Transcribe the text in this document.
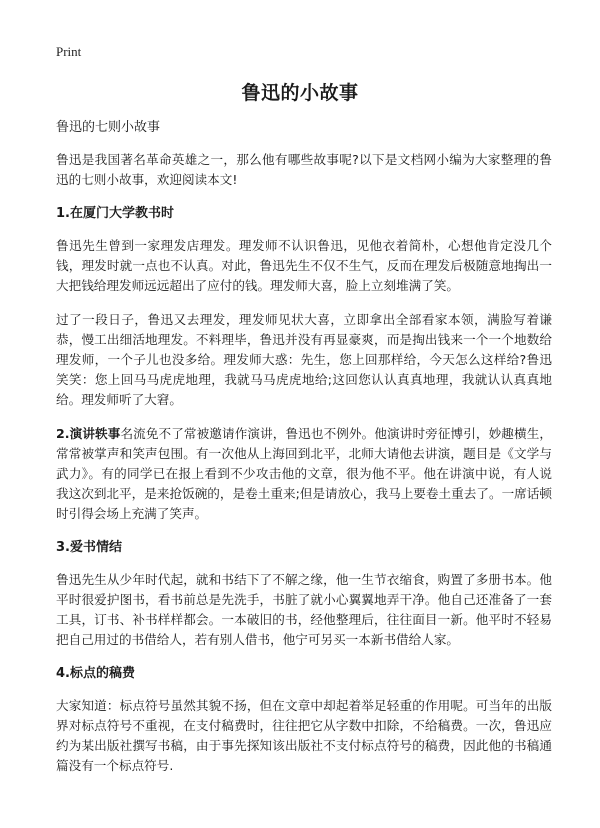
Print
鲁迅的小故事

鲁迅的七则小故事

鲁迅是我国著名革命英雄之一，那么他有哪些故事呢?以下是文档网小编为大家整理的鲁迅的七则小故事，欢迎阅读本文!

1.在厦门大学教书时

鲁迅先生曾到一家理发店理发。理发师不认识鲁迅，见他衣着简朴，心想他肯定没几个钱，理发时就一点也不认真。对此，鲁迅先生不仅不生气，反而在理发后极随意地掏出一大把钱给理发师远远超出了应付的钱。理发师大喜，脸上立刻堆满了笑。

过了一段日子，鲁迅又去理发，理发师见状大喜，立即拿出全部看家本领，满脸写着谦恭，慢工出细活地理发。不料理毕，鲁迅并没有再显豪爽，而是掏出钱来一个一个地数给理发师，一个子儿也没多给。理发师大惑：先生，您上回那样给，今天怎么这样给?鲁迅笑笑：您上回马马虎虎地理，我就马马虎虎地给;这回您认认真真地理，我就认认真真地给。理发师听了大窘。

2.演讲轶事名流免不了常被邀请作演讲，鲁迅也不例外。他演讲时旁征博引，妙趣横生，常常被掌声和笑声包围。有一次他从上海回到北平，北师大请他去讲演，题目是《文学与武力》。有的同学已在报上看到不少攻击他的文章，很为他不平。他在讲演中说，有人说我这次到北平，是来抢饭碗的，是卷土重来;但是请放心，我马上要卷土重去了。一席话顿时引得会场上充满了笑声。

3.爱书情结

鲁迅先生从少年时代起，就和书结下了不解之缘，他一生节衣缩食，购置了多册书本。他平时很爱护图书，看书前总是先洗手，书脏了就小心翼翼地弄干净。他自己还准备了一套工具，订书、补书样样都会。一本破旧的书，经他整理后，往往面目一新。他平时不轻易把自己用过的书借给人，若有别人借书，他宁可另买一本新书借给人家。

4.标点的稿费

大家知道：标点符号虽然其貌不扬，但在文章中却起着举足轻重的作用呢。可当年的出版界对标点符号不重视，在支付稿费时，往往把它从字数中扣除，不给稿费。一次，鲁迅应约为某出版社撰写书稿，由于事先探知该出版社不支付标点符号的稿费，因此他的书稿通篇没有一个标点符号.
